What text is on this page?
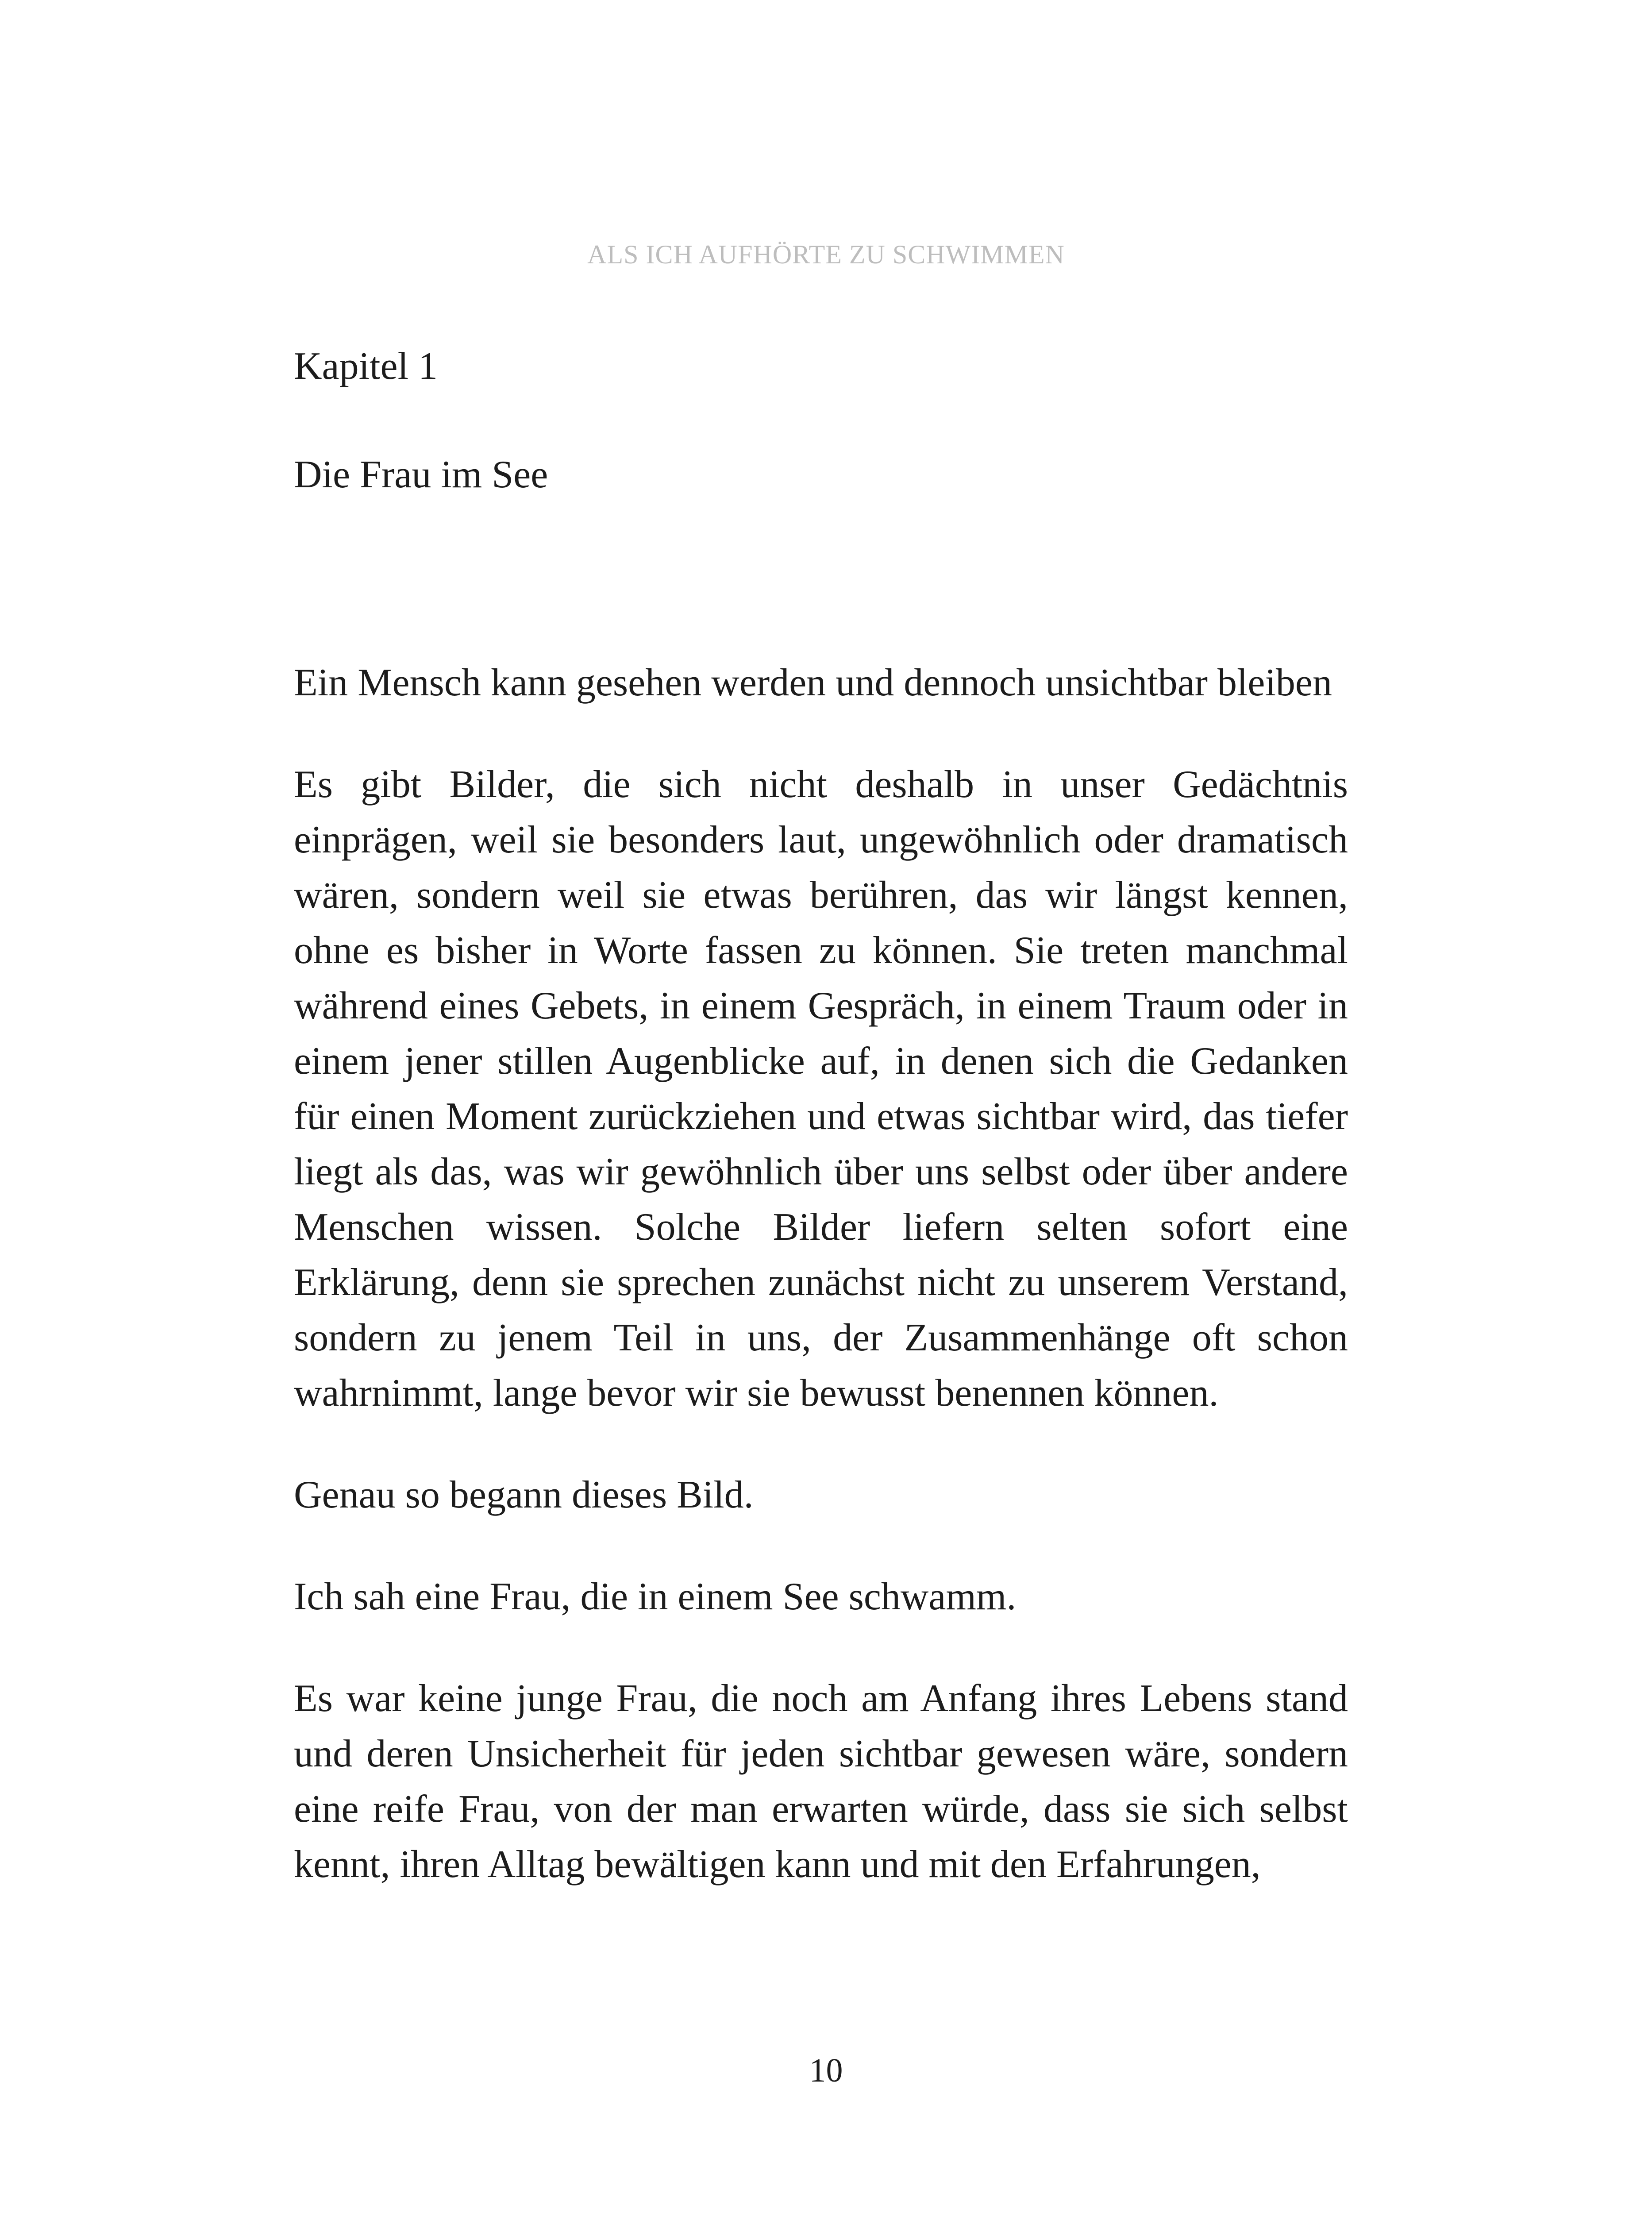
ALS ICH AUFHÖRTE ZU SCHWIMMEN
Kapitel 1
Die Frau im See

Ein Mensch kann gesehen werden und dennoch unsichtbar bleiben

Es gibt Bilder, die sich nicht deshalb in unser Gedächtnis einprägen, weil sie besonders laut, ungewöhnlich oder dramatisch wären, sondern weil sie etwas berühren, das wir längst kennen, ohne es bisher in Worte fassen zu können. Sie treten manchmal während eines Gebets, in einem Gespräch, in einem Traum oder in einem jener stillen Augenblicke auf, in denen sich die Gedanken für einen Moment zurückziehen und etwas sichtbar wird, das tiefer liegt als das, was wir gewöhnlich über uns selbst oder über andere Menschen wissen. Solche Bilder liefern selten sofort eine Erklärung, denn sie sprechen zunächst nicht zu unserem Verstand, sondern zu jenem Teil in uns, der Zusammenhänge oft schon wahrnimmt, lange bevor wir sie bewusst benennen können.

Genau so begann dieses Bild.

Ich sah eine Frau, die in einem See schwamm.

Es war keine junge Frau, die noch am Anfang ihres Lebens stand und deren Unsicherheit für jeden sichtbar gewesen wäre, sondern eine reife Frau, von der man erwarten würde, dass sie sich selbst kennt, ihren Alltag bewältigen kann und mit den Erfahrungen,

10
